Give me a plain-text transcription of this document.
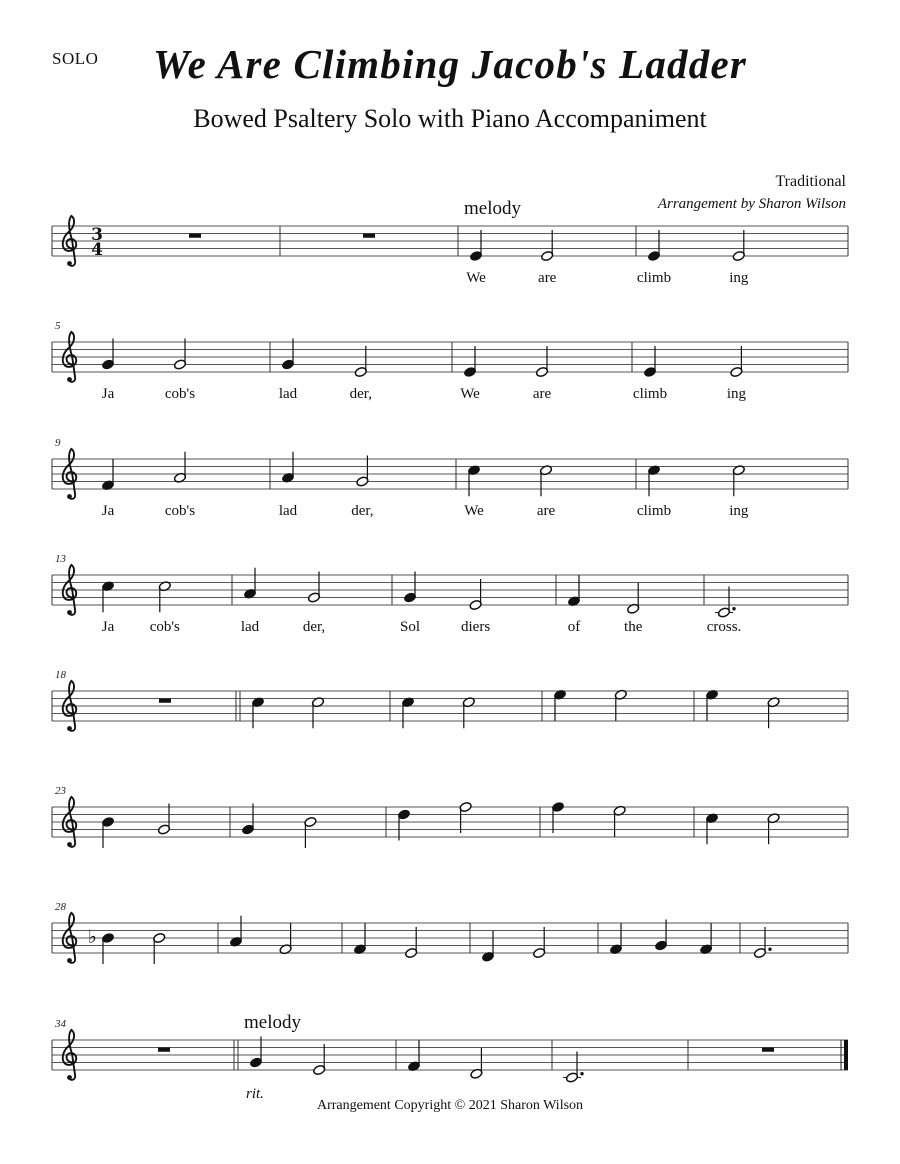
SOLO	We Are Climbing Jacob's Ladder
Bowed Psaltery Solo with Piano Accompaniment
Traditional
Arrangement by Sharon Wilson
3
4
We	are	climb	ing
melody
5
Ja	cob's	lad	der,	We	are	climb	ing
9
Ja	cob's	lad	der,	We	are	climb	ing
13
Ja cob's	lad	der,	Sol	diers	of	the	cross.
18
23
28
♭
34	melody
rit.
Arrangement Copyright © 2021 Sharon Wilson
